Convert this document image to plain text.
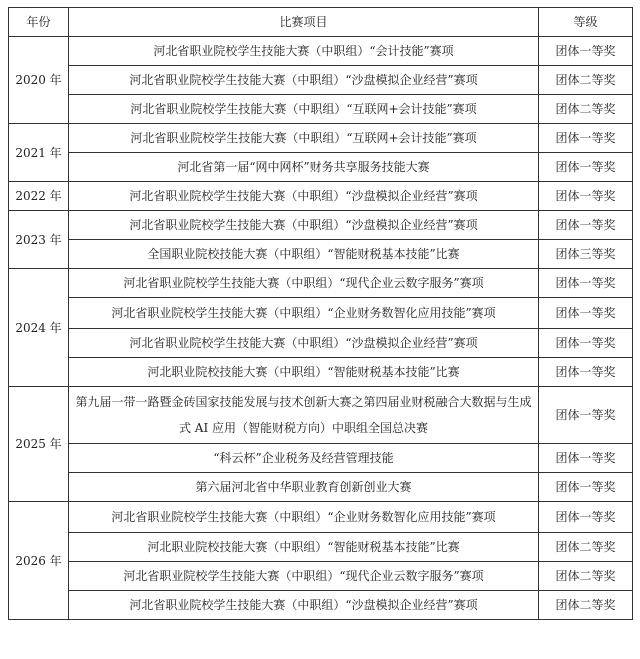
年份	比赛项目	等级
2020 年	河北省职业院校学生技能大赛（中职组）“会计技能”赛项	团体一等奖
	河北省职业院校学生技能大赛（中职组）“沙盘模拟企业经营”赛项	团体二等奖
	河北省职业院校学生技能大赛（中职组）“互联网+会计技能”赛项	团体二等奖
2021 年	河北省职业院校学生技能大赛（中职组）“互联网+会计技能”赛项	团体一等奖
	河北省第一届“网中网杯”财务共享服务技能大赛	团体一等奖
2022 年	河北省职业院校学生技能大赛（中职组）“沙盘模拟企业经营”赛项	团体一等奖
2023 年	河北省职业院校学生技能大赛（中职组）“沙盘模拟企业经营”赛项	团体一等奖
	全国职业院校技能大赛（中职组）“智能财税基本技能”比赛	团体三等奖
2024 年	河北省职业院校学生技能大赛（中职组）“现代企业云数字服务”赛项	团体一等奖
	河北省职业院校学生技能大赛（中职组）“企业财务数智化应用技能”赛项	团体一等奖
	河北省职业院校学生技能大赛（中职组）“沙盘模拟企业经营”赛项	团体一等奖
	河北职业院校技能大赛（中职组）“智能财税基本技能”比赛	团体一等奖
2025 年	第九届一带一路暨金砖国家技能发展与技术创新大赛之第四届业财税融合大数据与生成式 AI 应用（智能财税方向）中职组全国总决赛	团体一等奖
	“科云杯”企业税务及经营管理技能	团体一等奖
	第六届河北省中华职业教育创新创业大赛	团体一等奖
2026 年	河北省职业院校学生技能大赛（中职组）“企业财务数智化应用技能”赛项	团体一等奖
	河北职业院校技能大赛（中职组）“智能财税基本技能”比赛	团体二等奖
	河北省职业院校学生技能大赛（中职组）“现代企业云数字服务”赛项	团体二等奖
	河北省职业院校学生技能大赛（中职组）“沙盘模拟企业经营”赛项	团体二等奖
